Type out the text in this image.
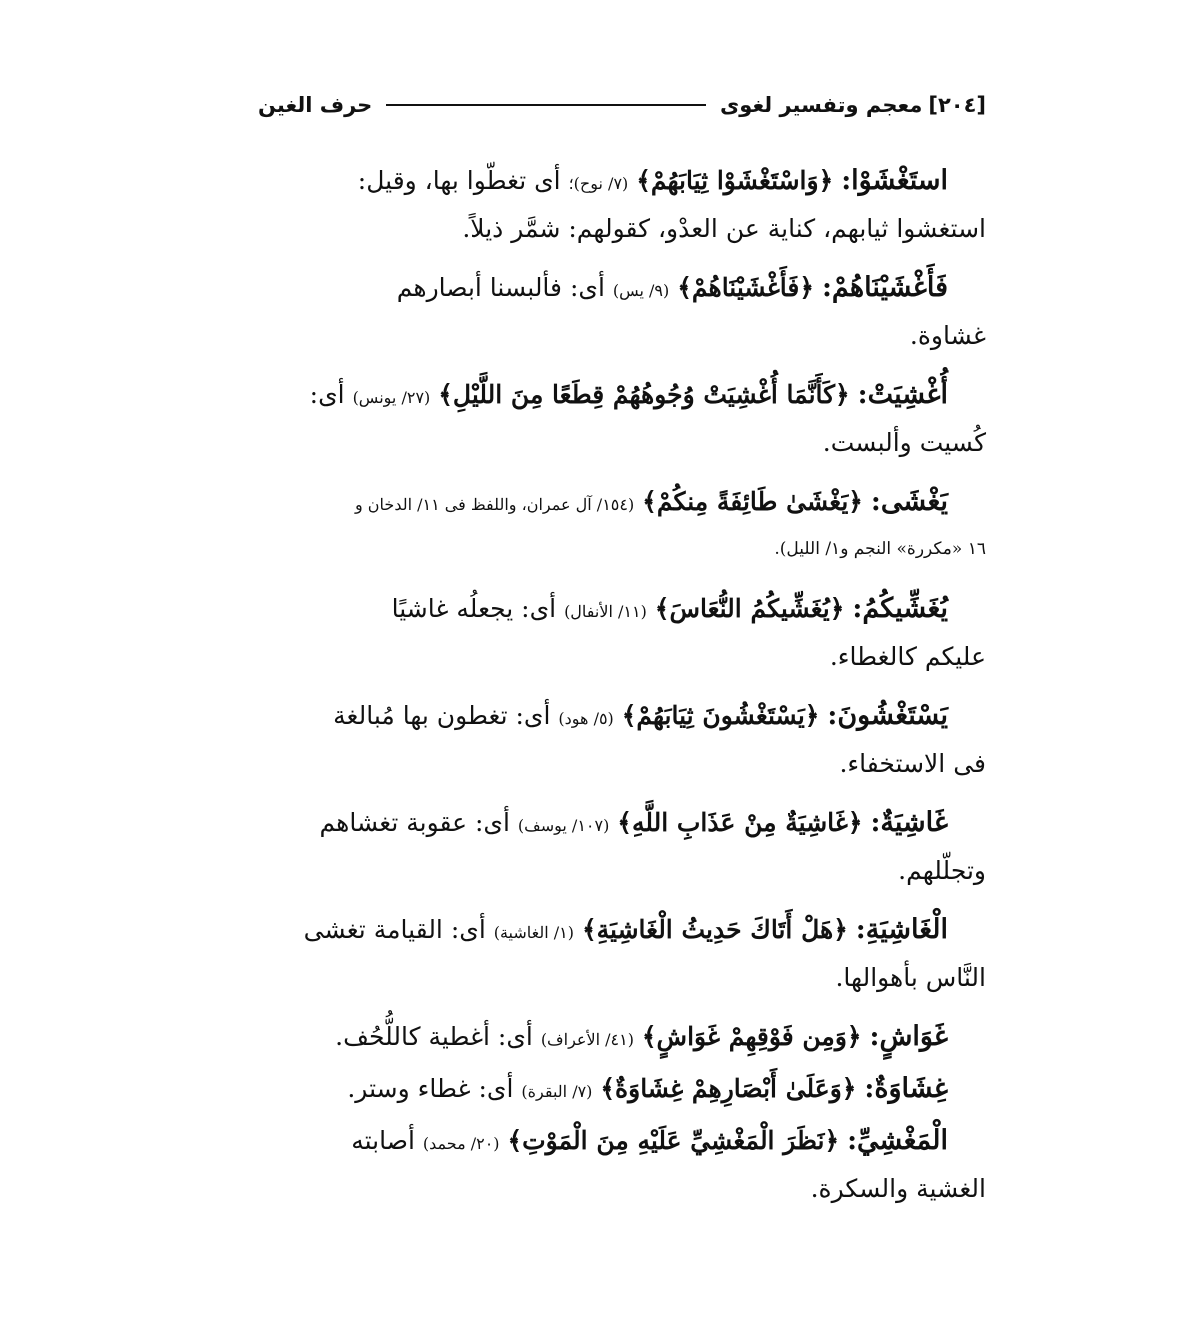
[٢٠٤]
معجم وتفسير لغوى
حرف الغين
استَغْشَوْا: ﴿وَاسْتَغْشَوْا ثِيَابَهُمْ﴾ (٧/ نوح)؛ أى تغطّوا بها، وقيل:
استغشوا ثيابهم، كناية عن العدْو، كقولهم: شمَّر ذيلاً.
فَأَغْشَيْنَاهُمْ: ﴿فَأَغْشَيْنَاهُمْ﴾ (٩/ يس) أى: فألبسنا أبصارهم
غشاوة.
أُغْشِيَتْ: ﴿كَأَنَّمَا أُغْشِيَتْ وُجُوهُهُمْ قِطَعًا مِنَ اللَّيْلِ﴾ (٢٧/ يونس) أى:
كُسيت وألبست.
يَغْشَى: ﴿يَغْشَىٰ طَائِفَةً مِنكُمْ﴾ (١٥٤/ آل عمران، واللفظ فى ١١/ الدخان و
١٦ «مكررة» النجم و١/ الليل).
يُغَشِّيكُمُ: ﴿يُغَشِّيكُمُ النُّعَاسَ﴾ (١١/ الأنفال) أى: يجعلُه غاشيًا
عليكم كالغطاء.
يَسْتَغْشُونَ: ﴿يَسْتَغْشُونَ ثِيَابَهُمْ﴾ (٥/ هود) أى: تغطون بها مُبالغة
فى الاستخفاء.
غَاشِيَةٌ: ﴿غَاشِيَةٌ مِنْ عَذَابِ اللَّهِ﴾ (١٠٧/ يوسف) أى: عقوبة تغشاهم
وتجلّلهم.
الْغَاشِيَةِ: ﴿هَلْ أَتَاكَ حَدِيثُ الْغَاشِيَةِ﴾ (١/ الغاشية) أى: القيامة تغشى
النَّاس بأهوالها.
غَوَاشٍ: ﴿وَمِن فَوْقِهِمْ غَوَاشٍ﴾ (٤١/ الأعراف) أى: أغطية كاللُّحُف.
غِشَاوَةٌ: ﴿وَعَلَىٰ أَبْصَارِهِمْ غِشَاوَةٌ﴾ (٧/ البقرة) أى: غطاء وستر.
الْمَغْشِيِّ: ﴿نَظَرَ الْمَغْشِيِّ عَلَيْهِ مِنَ الْمَوْتِ﴾ (٢٠/ محمد) أصابته
الغشية والسكرة.
